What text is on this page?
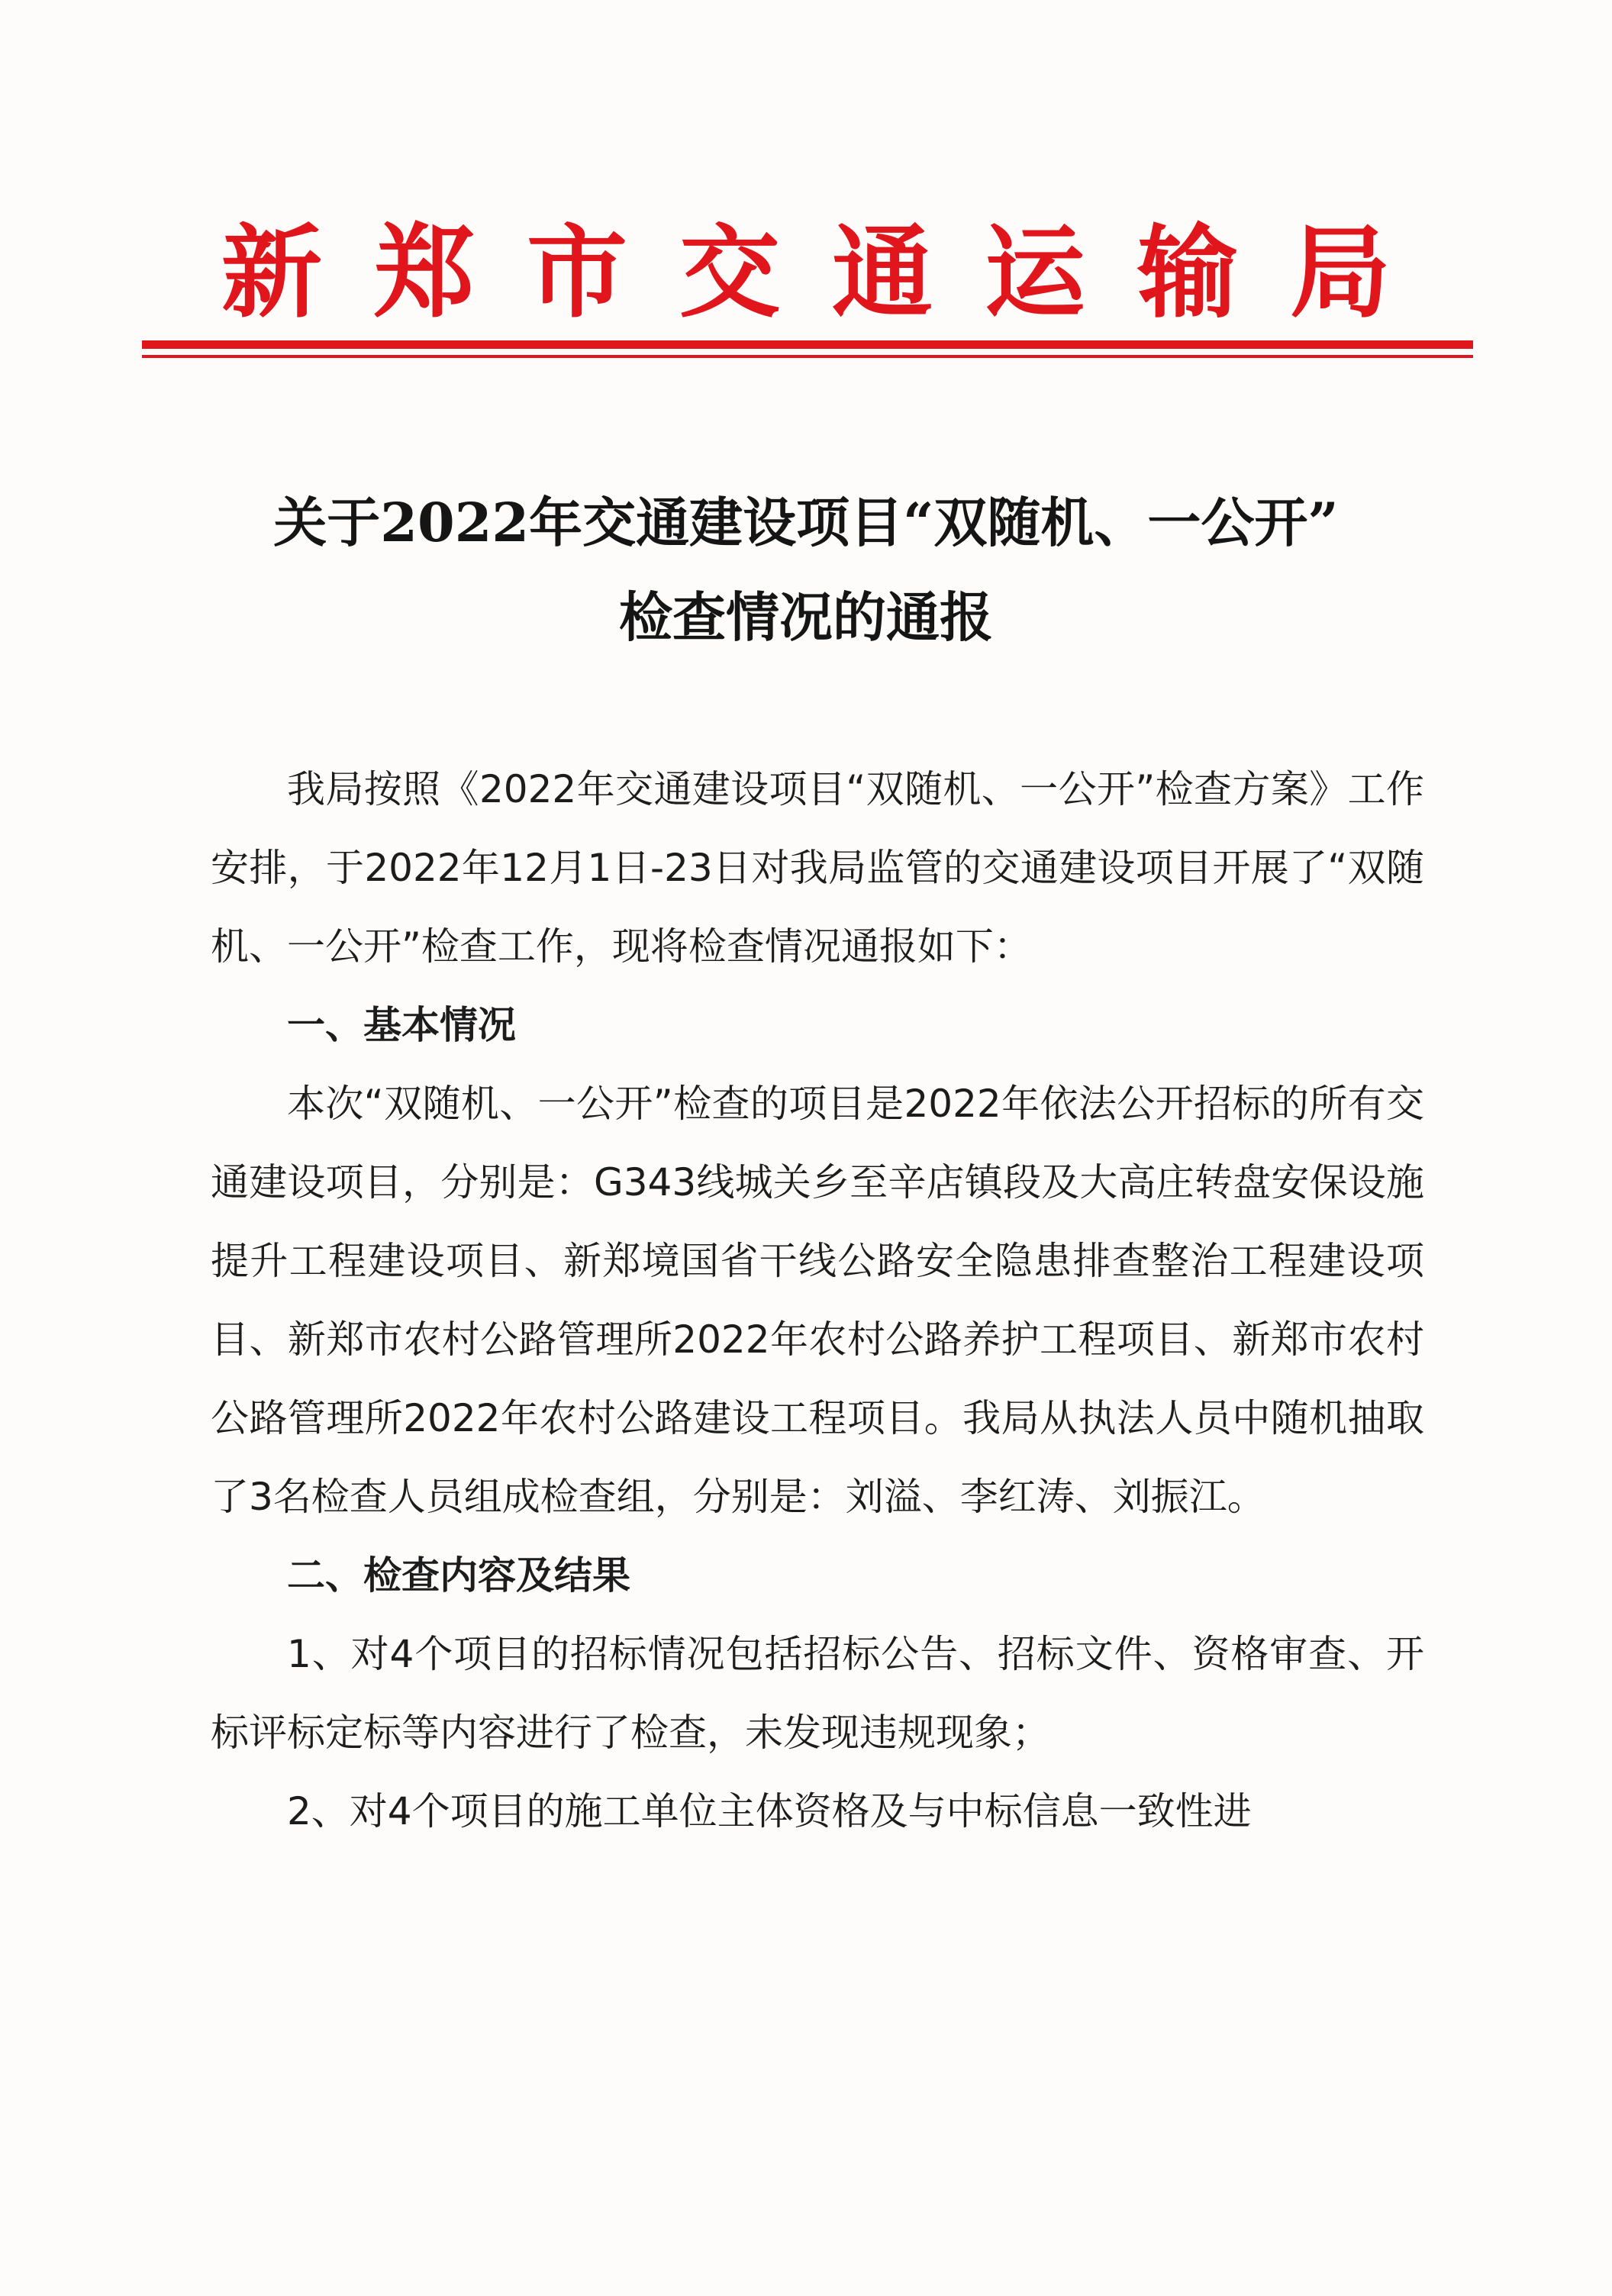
新郑市交通运输局
关于2022年交通建设项目“双随机、一公开”
检查情况的通报

我局按照《2022年交通建设项目“双随机、一公开”检查方案》工作安排，于2022年12月1日-23日对我局监管的交通建设项目开展了“双随机、一公开”检查工作，现将检查情况通报如下：

一、基本情况

本次“双随机、一公开”检查的项目是2022年依法公开招标的所有交通建设项目，分别是：G343线城关乡至辛店镇段及大高庄转盘安保设施提升工程建设项目、新郑境国省干线公路安全隐患排查整治工程建设项目、新郑市农村公路管理所2022年农村公路养护工程项目、新郑市农村公路管理所2022年农村公路建设工程项目。我局从执法人员中随机抽取了3名检查人员组成检查组，分别是：刘溢、李红涛、刘振江。

二、检查内容及结果

1、对4个项目的招标情况包括招标公告、招标文件、资格审查、开标评标定标等内容进行了检查，未发现违规现象；

2、对4个项目的施工单位主体资格及与中标信息一致性进
